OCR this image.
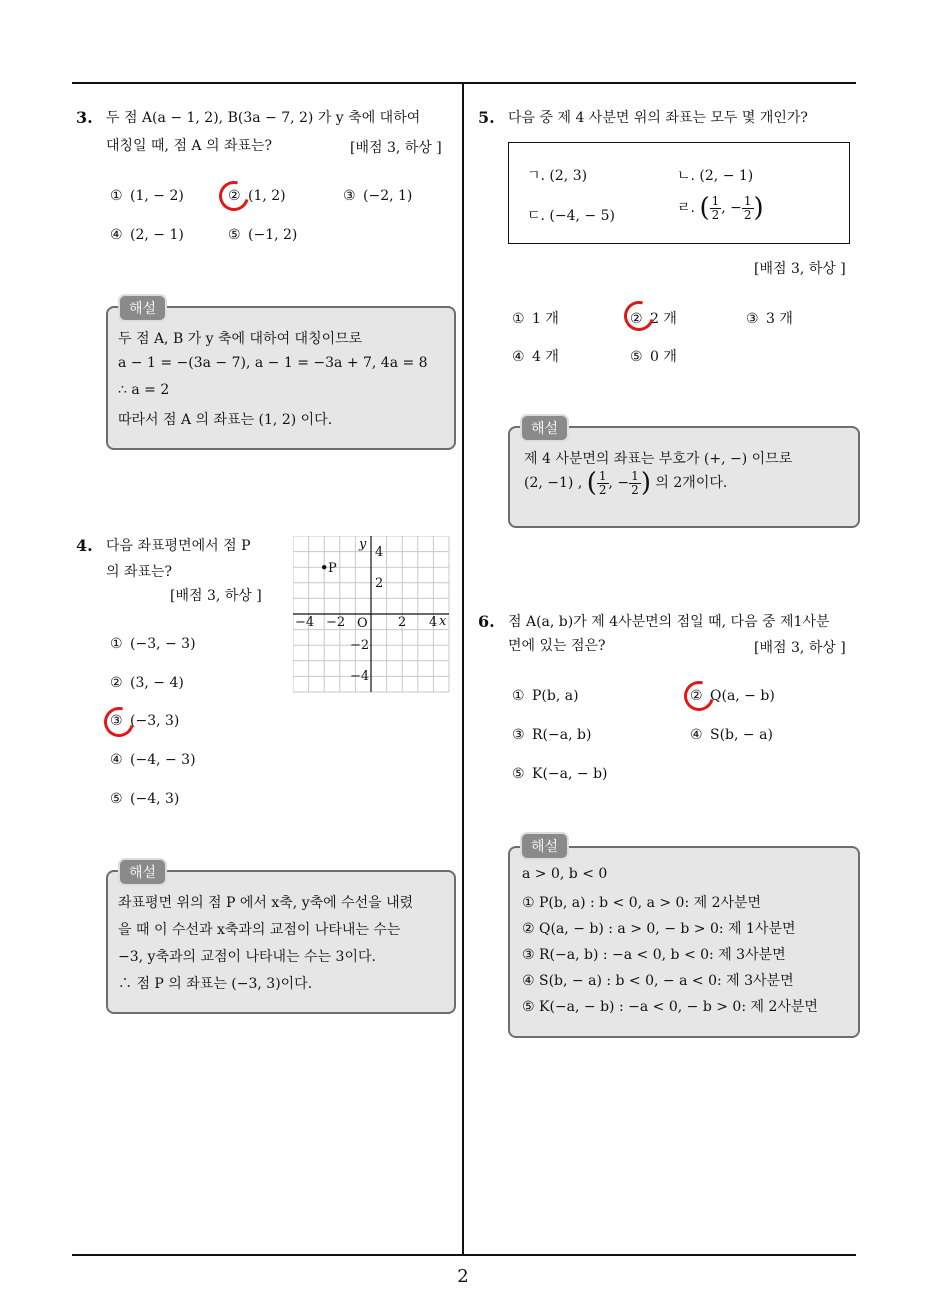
2
3. 두 점 A(a − 1, 2), B(3a − 7, 2) 가 y 축에 대하여
대칭일 때, 점 A 의 좌표는?	[배점 3, 하상 ]
① (1, − 2)	② (1, 2)	③ (−2, 1)
④ (2, − 1)	⑤ (−1, 2)
두 점 A, B 가 y 축에 대하여 대칭이므로
a − 1 = −(3a − 7), a − 1 = −3a + 7, 4a = 8
∴ a = 2
따라서 점 A 의 좌표는 (1, 2) 이다.
해설
4. 다음 좌표평면에서 점 P
의 좌표는?
[배점 3, 하상 ]
P
O	x
y
−4 −2	2 4
4
2
−2
−4
① (−3, − 3)
② (3, − 4)
③ (−3, 3)
④ (−4, − 3)
⑤ (−4, 3)
좌표평면 위의 점 P 에서 x축, y축에 수선을 내렸
을 때 이 수선과 x축과의 교점이 나타내는 수는
−3, y축과의 교점이 나타내는 수는 3이다.
∴ 점 P 의 좌표는 (−3, 3)이다.
해설
5. 다음 중 제 4 사분면 위의 좌표는 모두 몇 개인가?
ㄱ. (2, 3)	ㄴ. (2, − 1)
ㄷ. (−4, − 5)	ㄹ. ( $\frac{1}{2}$ , − $\frac{1}{2}$ )
[배점 3, 하상 ]
① 1 개	② 2 개	③ 3 개
④ 4 개	⑤ 0 개
제 4 사분면의 좌표는 부호가 (+, −) 이므로
(2, −1) , ( $\frac{1}{2}$ , − $\frac{1}{2}$ ) 의 2개이다.
해설
6. 점 A(a, b)가 제 4사분면의 점일 때, 다음 중 제1사분
면에 있는 점은?	[배점 3, 하상 ]
① P(b, a)	② Q(a, − b)
③ R(−a, b)	④ S(b, − a)
⑤ K(−a, − b)
a > 0, b < 0
① P(b, a) : b < 0, a > 0: 제 2사분면
② Q(a, − b) : a > 0, − b > 0: 제 1사분면
③ R(−a, b) : −a < 0, b < 0: 제 3사분면
④ S(b, − a) : b < 0, − a < 0: 제 3사분면
⑤ K(−a, − b) : −a < 0, − b > 0: 제 2사분면
해설
